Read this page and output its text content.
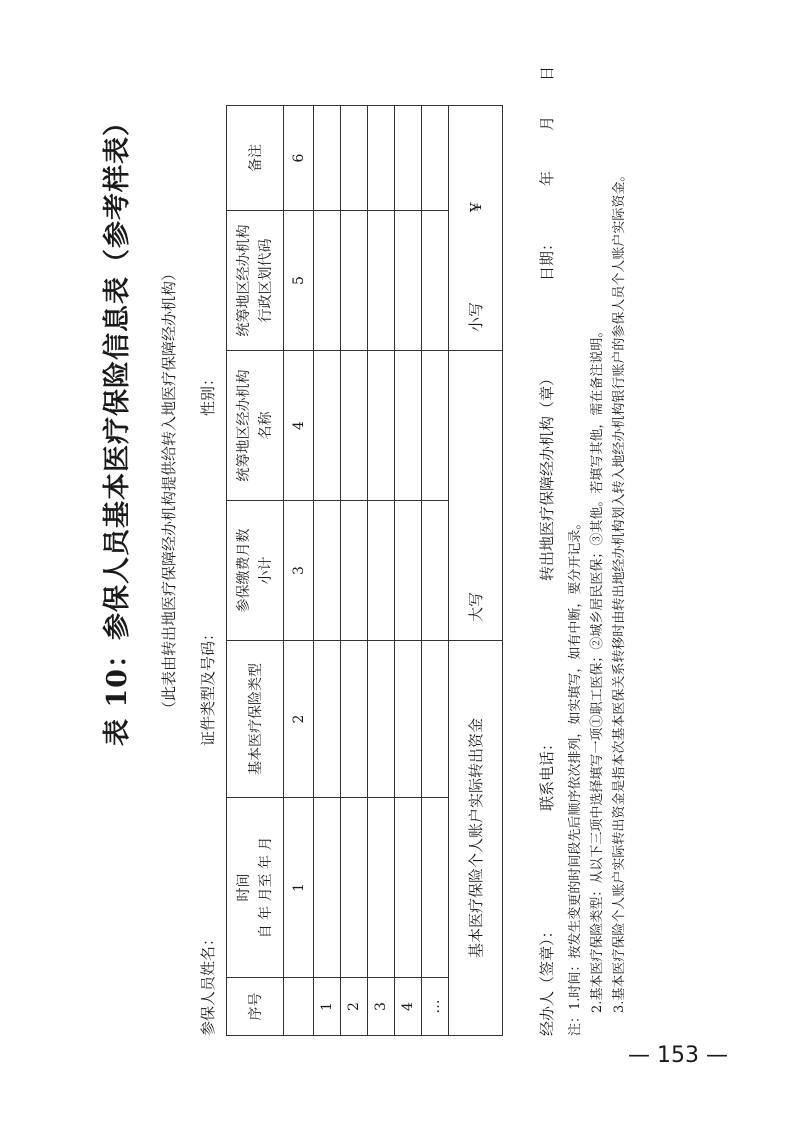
表 10：参保人员基本医疗保险信息表（参考样表） （此表由转出地医疗保障经办机构提供给转入地医疗保障经办机构）
参保人员姓名：
证件类型及号码：
性别：
序号	时间 自 年 月至 年 月	基本医疗保险类型	参保缴费月数 小计	统筹地区经办机构 名称	统筹地区经办机构 行政区划代码	备注
	1	2	3	4	5	6
1						
2						
3						
4						
…						
基本医疗保险个人账户实际转出资金			大写		小写¥	
经办人（签章）：
联系电话：
转出地医疗保障经办机构（章）
日期：
年
月
日
注：1.时间：按发生变更的时间段先后顺序依次排列，如实填写，如有中断，要分开记录。 2.基本医疗保险类型：从以下三项中选择填写一项①职工医保；②城乡居民医保；③其他。若填写其他，需在备注说明。 3.基本医疗保险个人账户实际转出资金是指本次基本医保关系转移时由转出地经办机构划入转入地经办机构银行账户的参保人员个人账户实际资金。
— 153 —
